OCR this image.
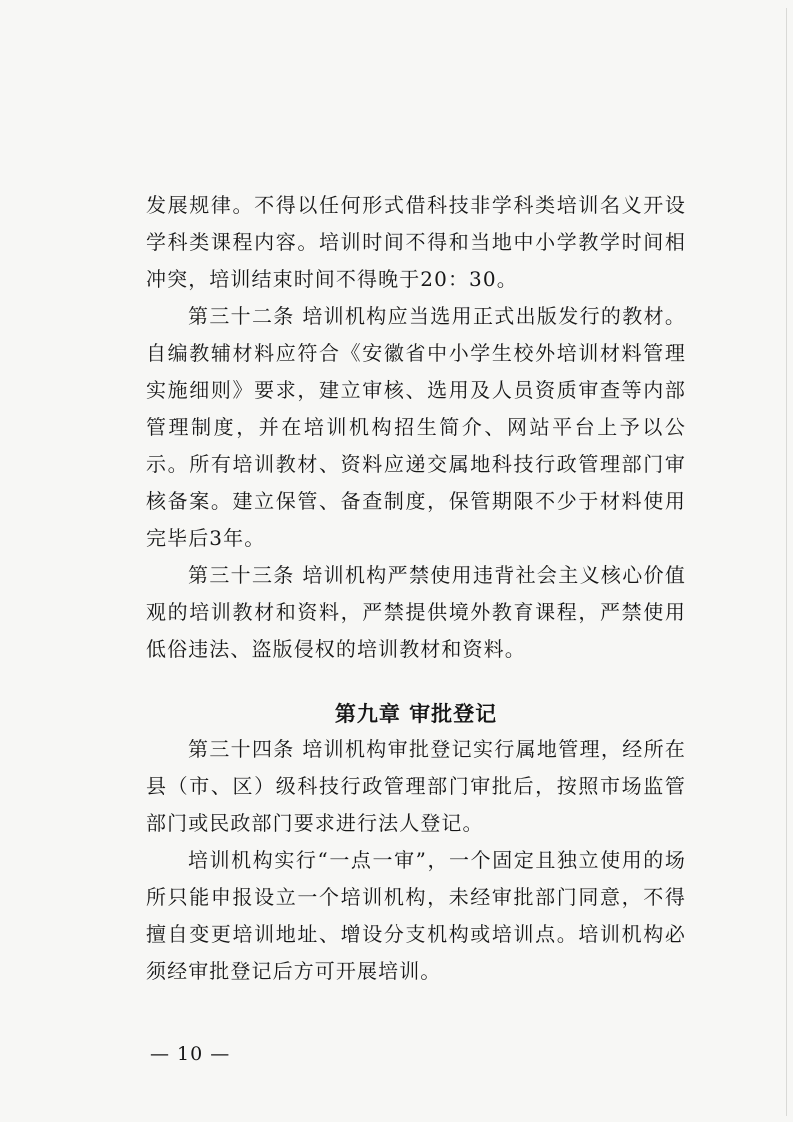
发展规律。不得以任何形式借科技非学科类培训名义开设学科类课程内容。培训时间不得和当地中小学教学时间相冲突，培训结束时间不得晚于20：30。

第三十二条 培训机构应当选用正式出版发行的教材。自编教辅材料应符合《安徽省中小学生校外培训材料管理实施细则》要求，建立审核、选用及人员资质审查等内部管理制度，并在培训机构招生简介、网站平台上予以公示。所有培训教材、资料应递交属地科技行政管理部门审核备案。建立保管、备查制度，保管期限不少于材料使用完毕后3年。

第三十三条 培训机构严禁使用违背社会主义核心价值观的培训教材和资料，严禁提供境外教育课程，严禁使用低俗违法、盗版侵权的培训教材和资料。

第九章 审批登记

第三十四条 培训机构审批登记实行属地管理，经所在县（市、区）级科技行政管理部门审批后，按照市场监管部门或民政部门要求进行法人登记。

培训机构实行“一点一审”，一个固定且独立使用的场所只能申报设立一个培训机构，未经审批部门同意，不得擅自变更培训地址、增设分支机构或培训点。培训机构必须经审批登记后方可开展培训。

— 10 —
